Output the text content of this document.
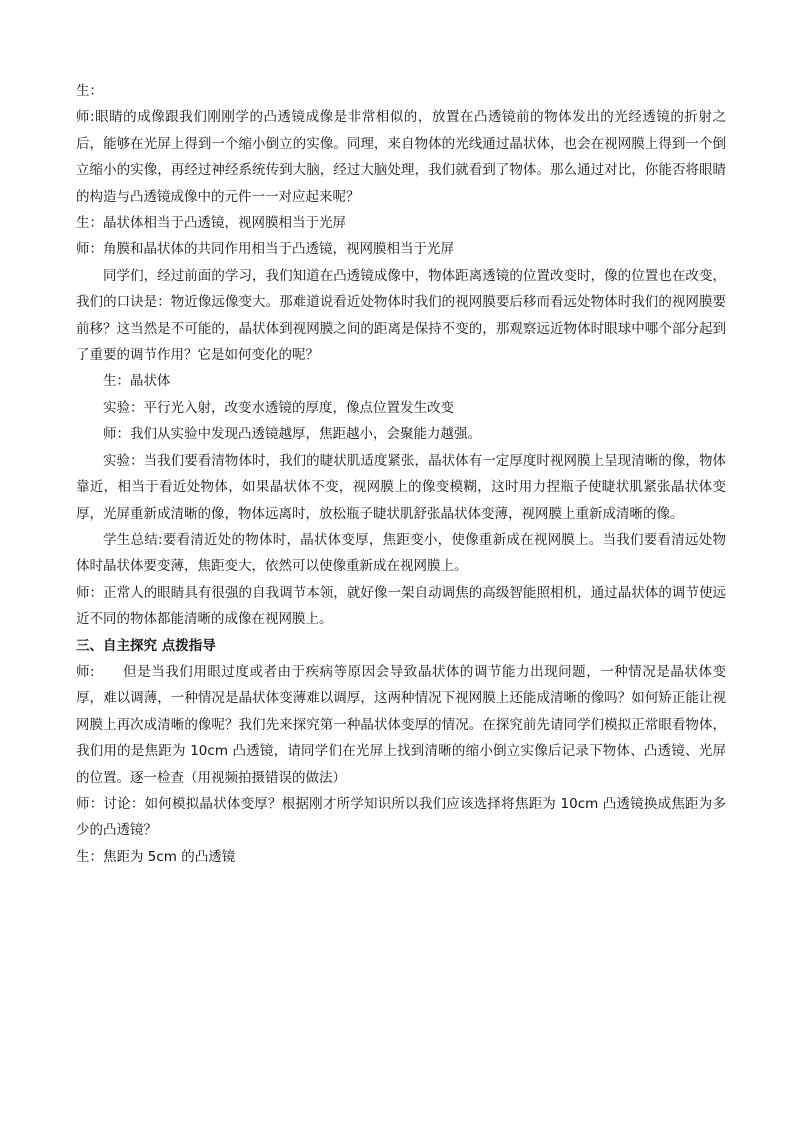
生：

师:眼睛的成像跟我们刚刚学的凸透镜成像是非常相似的，放置在凸透镜前的物体发出的光经透镜的折射之后，能够在光屏上得到一个缩小倒立的实像。同理，来自物体的光线通过晶状体，也会在视网膜上得到一个倒立缩小的实像，再经过神经系统传到大脑，经过大脑处理，我们就看到了物体。那么通过对比，你能否将眼睛的构造与凸透镜成像中的元件一一对应起来呢？

生：晶状体相当于凸透镜，视网膜相当于光屏

师：角膜和晶状体的共同作用相当于凸透镜，视网膜相当于光屏

同学们，经过前面的学习，我们知道在凸透镜成像中，物体距离透镜的位置改变时，像的位置也在改变，我们的口诀是：物近像远像变大。那难道说看近处物体时我们的视网膜要后移而看远处物体时我们的视网膜要前移？这当然是不可能的，晶状体到视网膜之间的距离是保持不变的，那观察远近物体时眼球中哪个部分起到了重要的调节作用？它是如何变化的呢？

生：晶状体

实验：平行光入射，改变水透镜的厚度，像点位置发生改变

师：我们从实验中发现凸透镜越厚，焦距越小，会聚能力越强。

实验：当我们要看清物体时，我们的睫状肌适度紧张，晶状体有一定厚度时视网膜上呈现清晰的像，物体靠近，相当于看近处物体，如果晶状体不变，视网膜上的像变模糊，这时用力捏瓶子使睫状肌紧张晶状体变厚，光屏重新成清晰的像，物体远离时，放松瓶子睫状肌舒张晶状体变薄，视网膜上重新成清晰的像。

学生总结:要看清近处的物体时，晶状体变厚，焦距变小，使像重新成在视网膜上。当我们要看清远处物体时晶状体要变薄，焦距变大，依然可以使像重新成在视网膜上。

师：正常人的眼睛具有很强的自我调节本领，就好像一架自动调焦的高级智能照相机，通过晶状体的调节使远近不同的物体都能清晰的成像在视网膜上。

三、自主探究 点拨指导

师:　　但是当我们用眼过度或者由于疾病等原因会导致晶状体的调节能力出现问题，一种情况是晶状体变厚，难以调薄，一种情况是晶状体变薄难以调厚，这两种情况下视网膜上还能成清晰的像吗？如何矫正能让视网膜上再次成清晰的像呢？我们先来探究第一种晶状体变厚的情况。在探究前先请同学们模拟正常眼看物体，我们用的是焦距为 10cm 凸透镜，请同学们在光屏上找到清晰的缩小倒立实像后记录下物体、凸透镜、光屏的位置。逐一检查（用视频拍摄错误的做法）

师：讨论：如何模拟晶状体变厚？根据刚才所学知识所以我们应该选择将焦距为 10cm 凸透镜换成焦距为多少的凸透镜？

生：焦距为 5cm 的凸透镜
